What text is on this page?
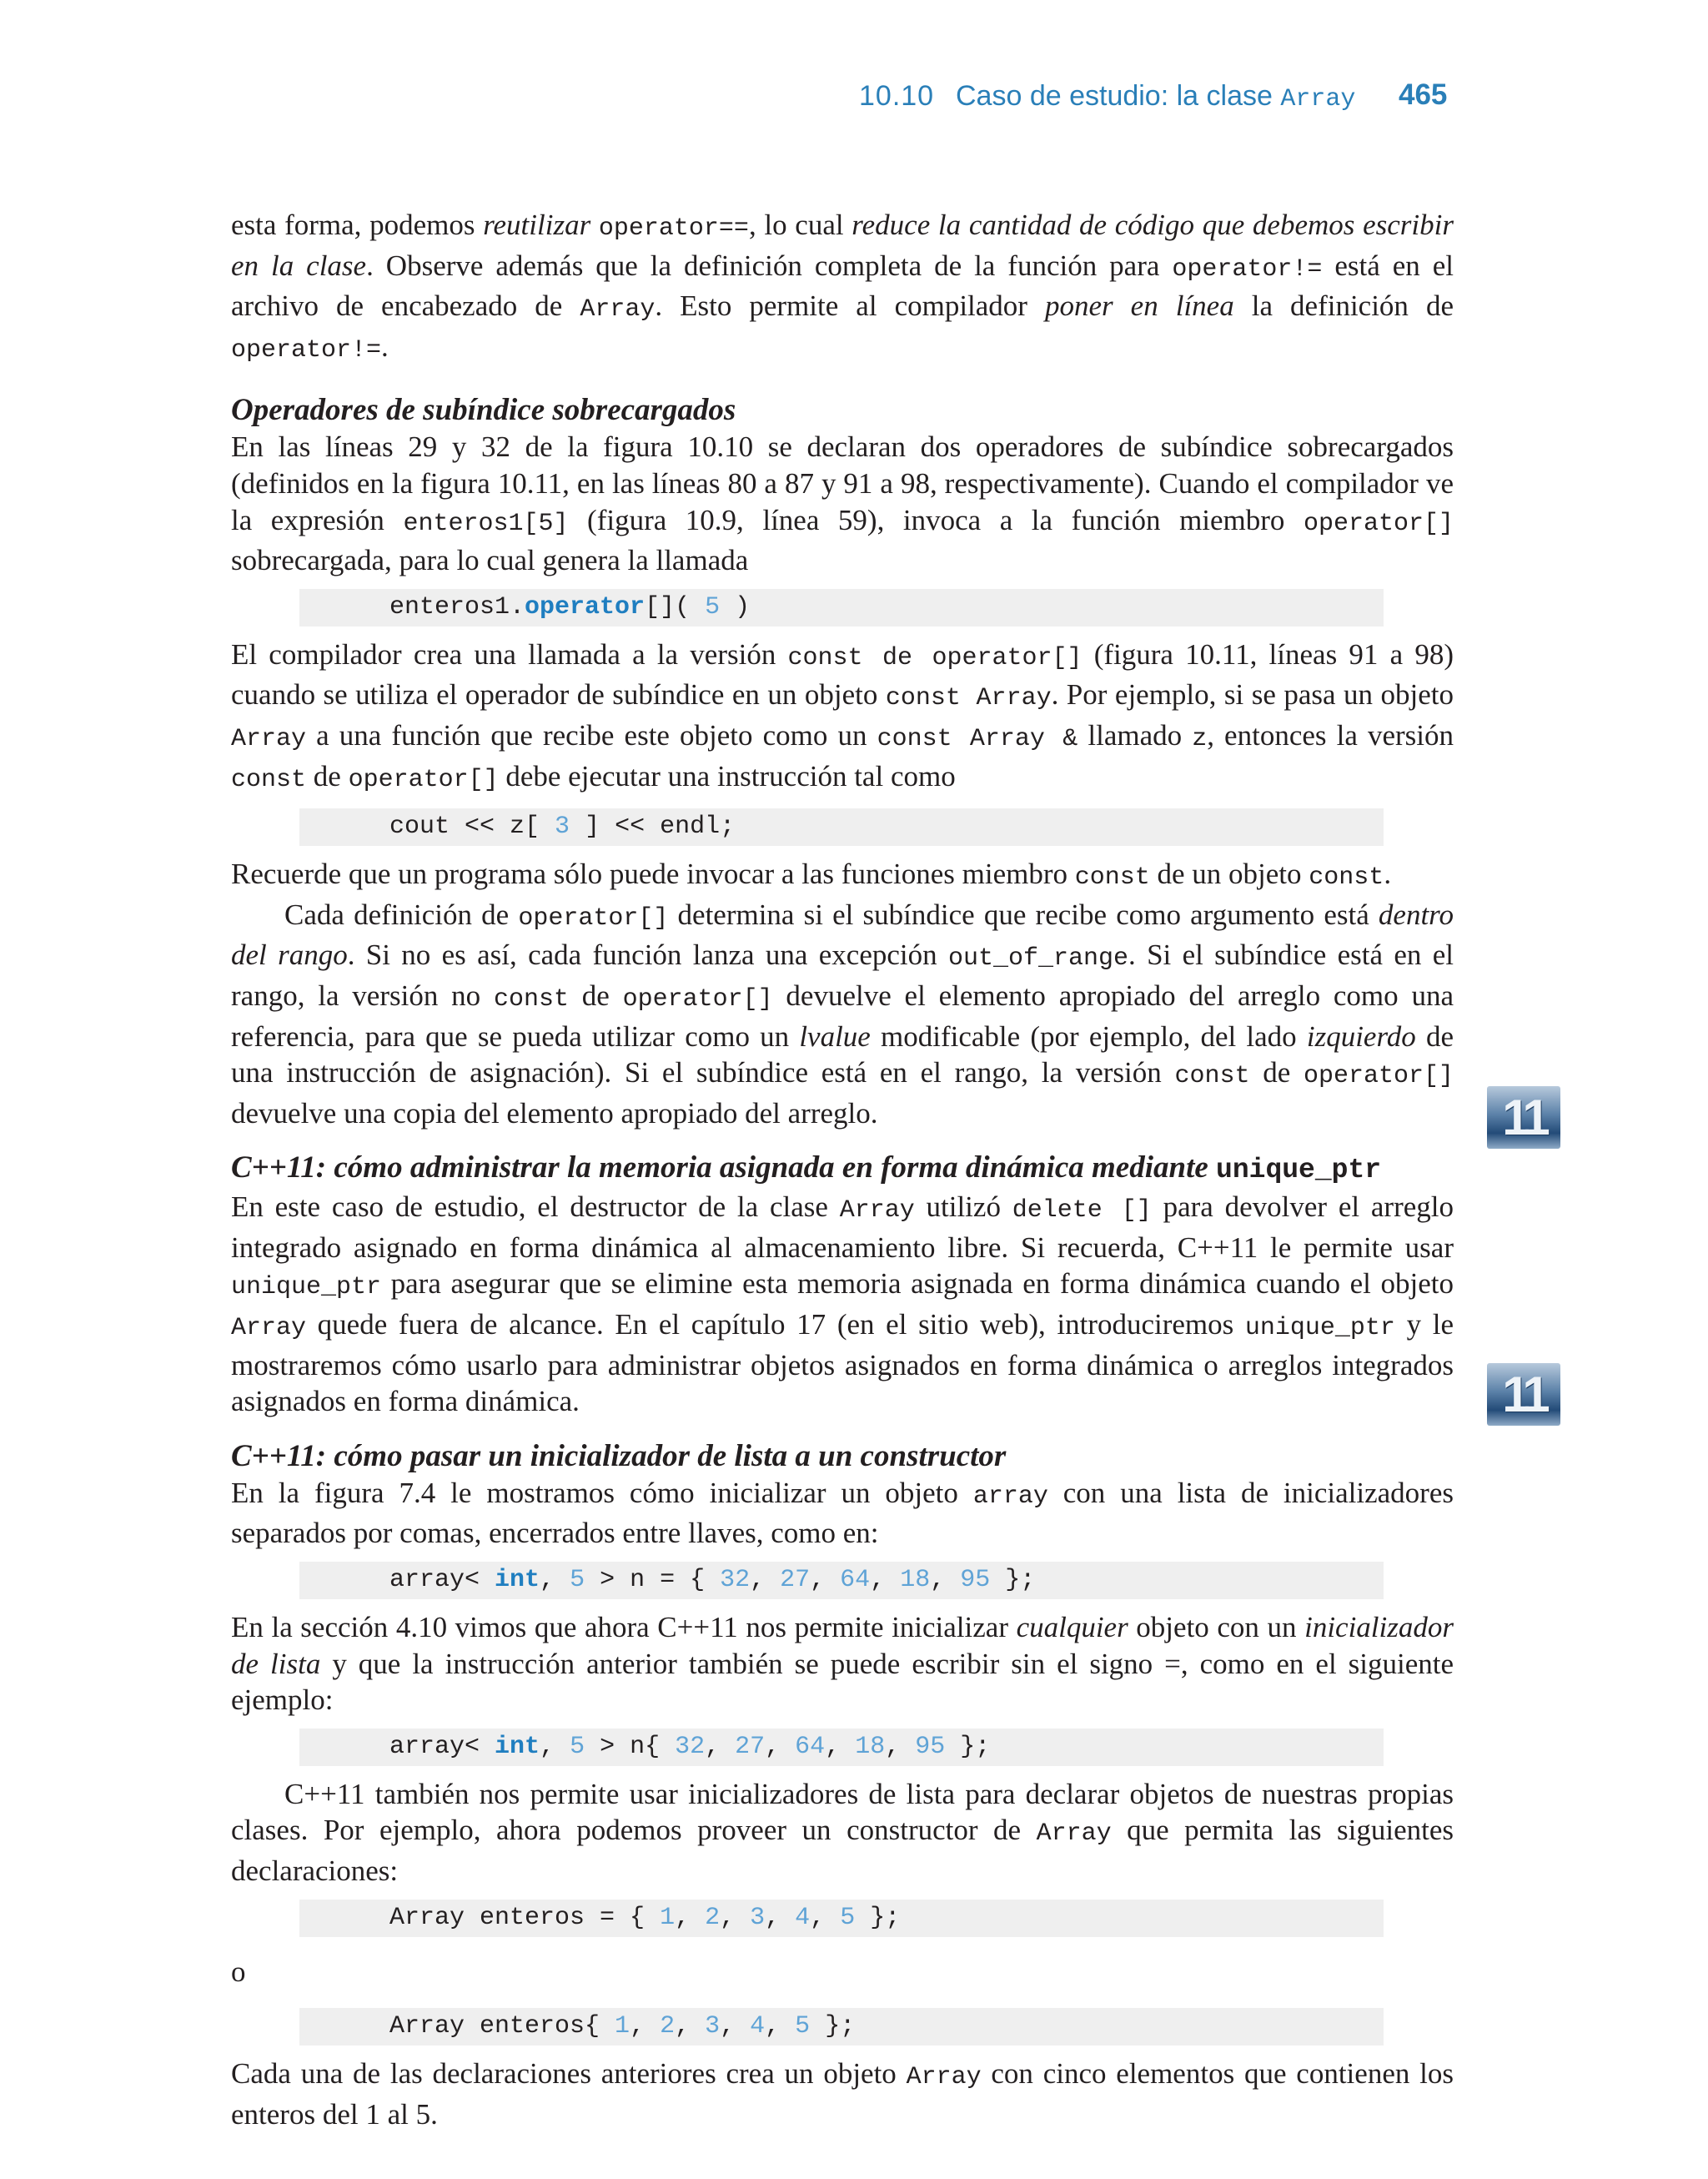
10.10 Caso de estudio: la clase Array 465
11
11

esta forma, podemos reutilizar operator==, lo cual reduce la cantidad de código que debemos escribir en la clase. Observe además que la definición completa de la función para operator!= está en el archivo de encabezado de Array. Esto permite al compilador poner en línea la definición de operator!=.

Operadores de subíndice sobrecargados

En las líneas 29 y 32 de la figura 10.10 se declaran dos operadores de subíndice sobrecargados (definidos en la figura 10.11, en las líneas 80 a 87 y 91 a 98, respectivamente). Cuando el compilador ve la expresión enteros1[5] (figura 10.9, línea 59), invoca a la función miembro operator[] sobrecargada, para lo cual genera la llamada

enteros1.operator[]( 5 )

El compilador crea una llamada a la versión const de operator[] (figura 10.11, líneas 91 a 98) cuando se utiliza el operador de subíndice en un objeto const Array. Por ejemplo, si se pasa un objeto Array a una función que recibe este objeto como un const Array & llamado z, entonces la versión const de operator[] debe ejecutar una instrucción tal como

cout << z[ 3 ] << endl;

Recuerde que un programa sólo puede invocar a las funciones miembro const de un objeto const.

Cada definición de operator[] determina si el subíndice que recibe como argumento está dentro del rango. Si no es así, cada función lanza una excepción out_of_range. Si el subíndice está en el rango, la versión no const de operator[] devuelve el elemento apropiado del arreglo como una referencia, para que se pueda utilizar como un lvalue modificable (por ejemplo, del lado izquierdo de una instrucción de asignación). Si el subíndice está en el rango, la versión const de operator[] devuelve una copia del elemento apropiado del arreglo.

C++11: cómo administrar la memoria asignada en forma dinámica mediante unique_ptr

En este caso de estudio, el destructor de la clase Array utilizó delete [] para devolver el arreglo integrado asignado en forma dinámica al almacenamiento libre. Si recuerda, C++11 le permite usar unique_ptr para asegurar que se elimine esta memoria asignada en forma dinámica cuando el objeto Array quede fuera de alcance. En el capítulo 17 (en el sitio web), introduciremos unique_ptr y le mostraremos cómo usarlo para administrar objetos asignados en forma dinámica o arreglos integrados asignados en forma dinámica.

C++11: cómo pasar un inicializador de lista a un constructor

En la figura 7.4 le mostramos cómo inicializar un objeto array con una lista de inicializadores separados por comas, encerrados entre llaves, como en:

array< int, 5 > n = { 32, 27, 64, 18, 95 };

En la sección 4.10 vimos que ahora C++11 nos permite inicializar cualquier objeto con un inicializador de lista y que la instrucción anterior también se puede escribir sin el signo =, como en el siguiente ejemplo:

array< int, 5 > n{ 32, 27, 64, 18, 95 };

C++11 también nos permite usar inicializadores de lista para declarar objetos de nuestras propias clases. Por ejemplo, ahora podemos proveer un constructor de Array que permita las siguientes declaraciones:

Array enteros = { 1, 2, 3, 4, 5 };

o

Array enteros{ 1, 2, 3, 4, 5 };

Cada una de las declaraciones anteriores crea un objeto Array con cinco elementos que contienen los enteros del 1 al 5.
